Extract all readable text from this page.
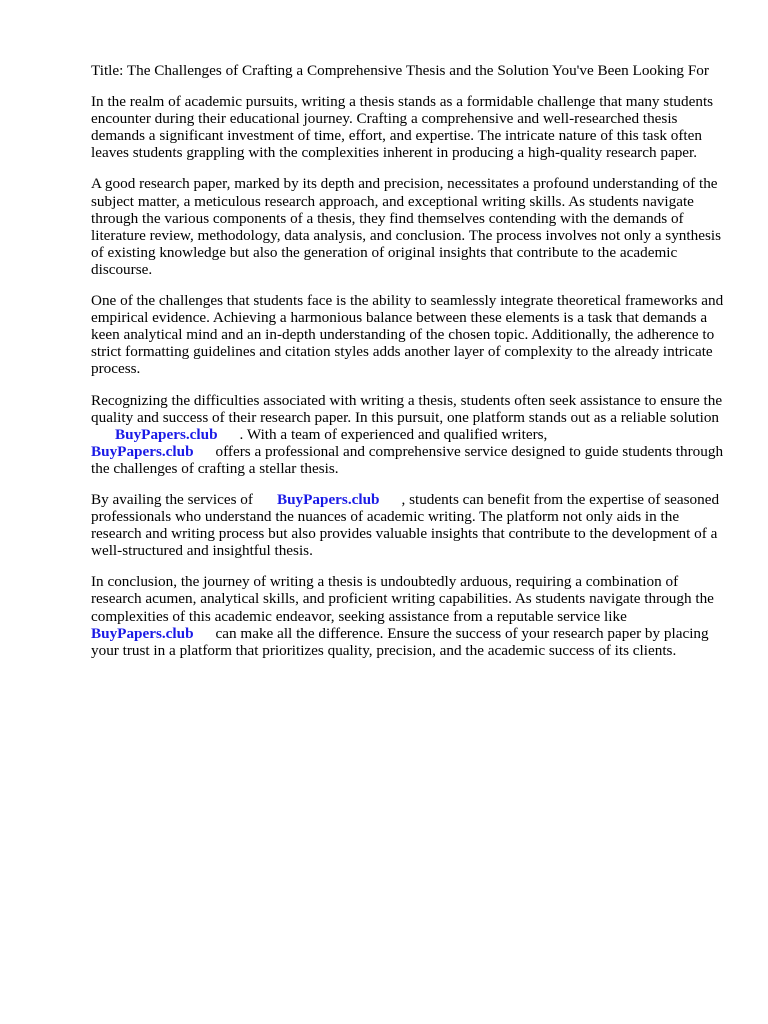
Title: The Challenges of Crafting a Comprehensive Thesis and the Solution You've Been Looking For

In the realm of academic pursuits, writing a thesis stands as a formidable challenge that many students encounter during their educational journey. Crafting a comprehensive and well-researched thesis demands a significant investment of time, effort, and expertise. The intricate nature of this task often leaves students grappling with the complexities inherent in producing a high-quality research paper.

A good research paper, marked by its depth and precision, necessitates a profound understanding of the subject matter, a meticulous research approach, and exceptional writing skills. As students navigate through the various components of a thesis, they find themselves contending with the demands of literature review, methodology, data analysis, and conclusion. The process involves not only a synthesis of existing knowledge but also the generation of original insights that contribute to the academic discourse.

One of the challenges that students face is the ability to seamlessly integrate theoretical frameworks and empirical evidence. Achieving a harmonious balance between these elements is a task that demands a keen analytical mind and an in-depth understanding of the chosen topic. Additionally, the adherence to strict formatting guidelines and citation styles adds another layer of complexity to the already intricate process.

Recognizing the difficulties associated with writing a thesis, students often seek assistance to ensure the quality and success of their research paper. In this pursuit, one platform stands out as a reliable solutionBuyPapers.club . With a team of experienced and qualified writers,
BuyPapers.club offers a professional and comprehensive service designed to guide students through the challenges of crafting a stellar thesis.

By availing the services of BuyPapers.club , students can benefit from the expertise of seasoned professionals who understand the nuances of academic writing. The platform not only aids in the research and writing process but also provides valuable insights that contribute to the development of a well-structured and insightful thesis.

In conclusion, the journey of writing a thesis is undoubtedly arduous, requiring a combination of research acumen, analytical skills, and proficient writing capabilities. As students navigate through the complexities of this academic endeavor, seeking assistance from a reputable service like
BuyPapers.club can make all the difference. Ensure the success of your research paper by placing your trust in a platform that prioritizes quality, precision, and the academic success of its clients.
